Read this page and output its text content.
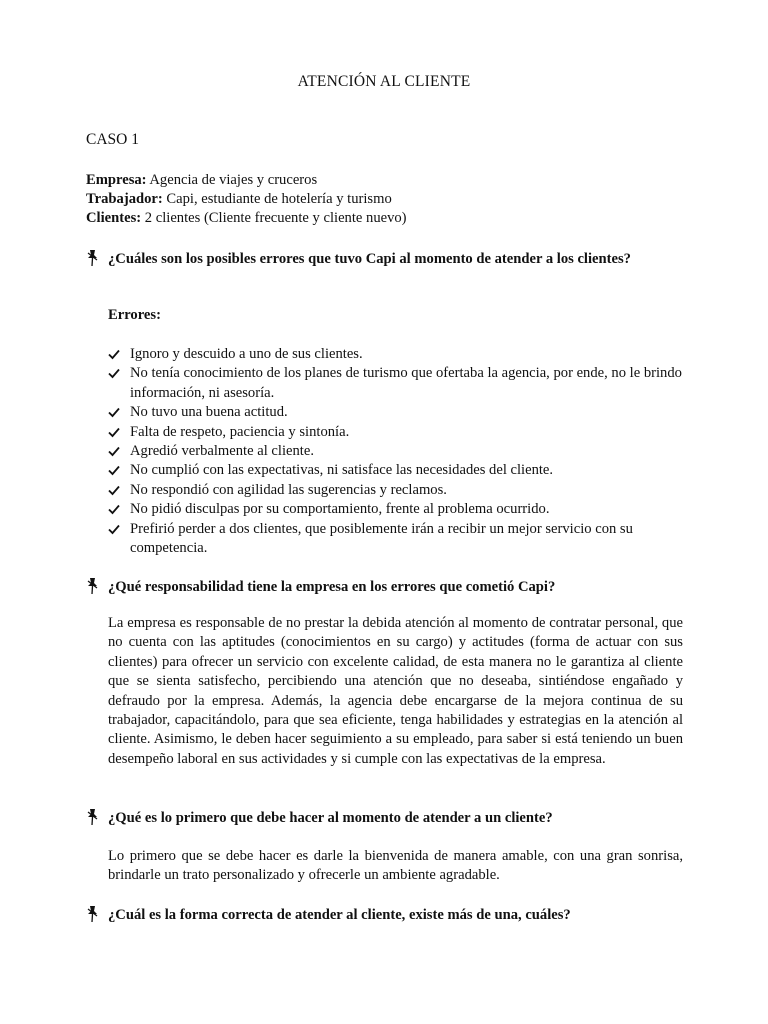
ATENCIÓN AL CLIENTE
CASO 1
Empresa: Agencia de viajes y cruceros
Trabajador: Capi, estudiante de hotelería y turismo
Clientes: 2 clientes (Cliente frecuente y cliente nuevo)
¿Cuáles son los posibles errores que tuvo Capi al momento de atender a los clientes?
Errores:
Ignoro y descuido a uno de sus clientes.
No tenía conocimiento de los planes de turismo que ofertaba la agencia, por ende, no le brindo información, ni asesoría.
No tuvo una buena actitud.
Falta de respeto, paciencia y sintonía.
Agredió verbalmente al cliente.
No cumplió con las expectativas, ni satisface las necesidades del cliente.
No respondió con agilidad las sugerencias y reclamos.
No pidió disculpas por su comportamiento, frente al problema ocurrido.
Prefirió perder a dos clientes, que posiblemente irán a recibir un mejor servicio con su competencia.
¿Qué responsabilidad tiene la empresa en los errores que cometió Capi?
La empresa es responsable de no prestar la debida atención al momento de contratar personal, que no cuenta con las aptitudes (conocimientos en su cargo) y actitudes (forma de actuar con sus clientes) para ofrecer un servicio con excelente calidad, de esta manera no le garantiza al cliente que se sienta satisfecho, percibiendo una atención que no deseaba, sintiéndose engañado y defraudo por la empresa. Además, la agencia debe encargarse de la mejora continua de su trabajador, capacitándolo, para que sea eficiente, tenga habilidades y estrategias en la atención al cliente. Asimismo, le deben hacer seguimiento a su empleado, para saber si está teniendo un buen desempeño laboral en sus actividades y si cumple con las expectativas de la empresa.
¿Qué es lo primero que debe hacer al momento de atender a un cliente?
Lo primero que se debe hacer es darle la bienvenida de manera amable, con una gran sonrisa, brindarle un trato personalizado y ofrecerle un ambiente agradable.
¿Cuál es la forma correcta de atender al cliente, existe más de una, cuáles?
